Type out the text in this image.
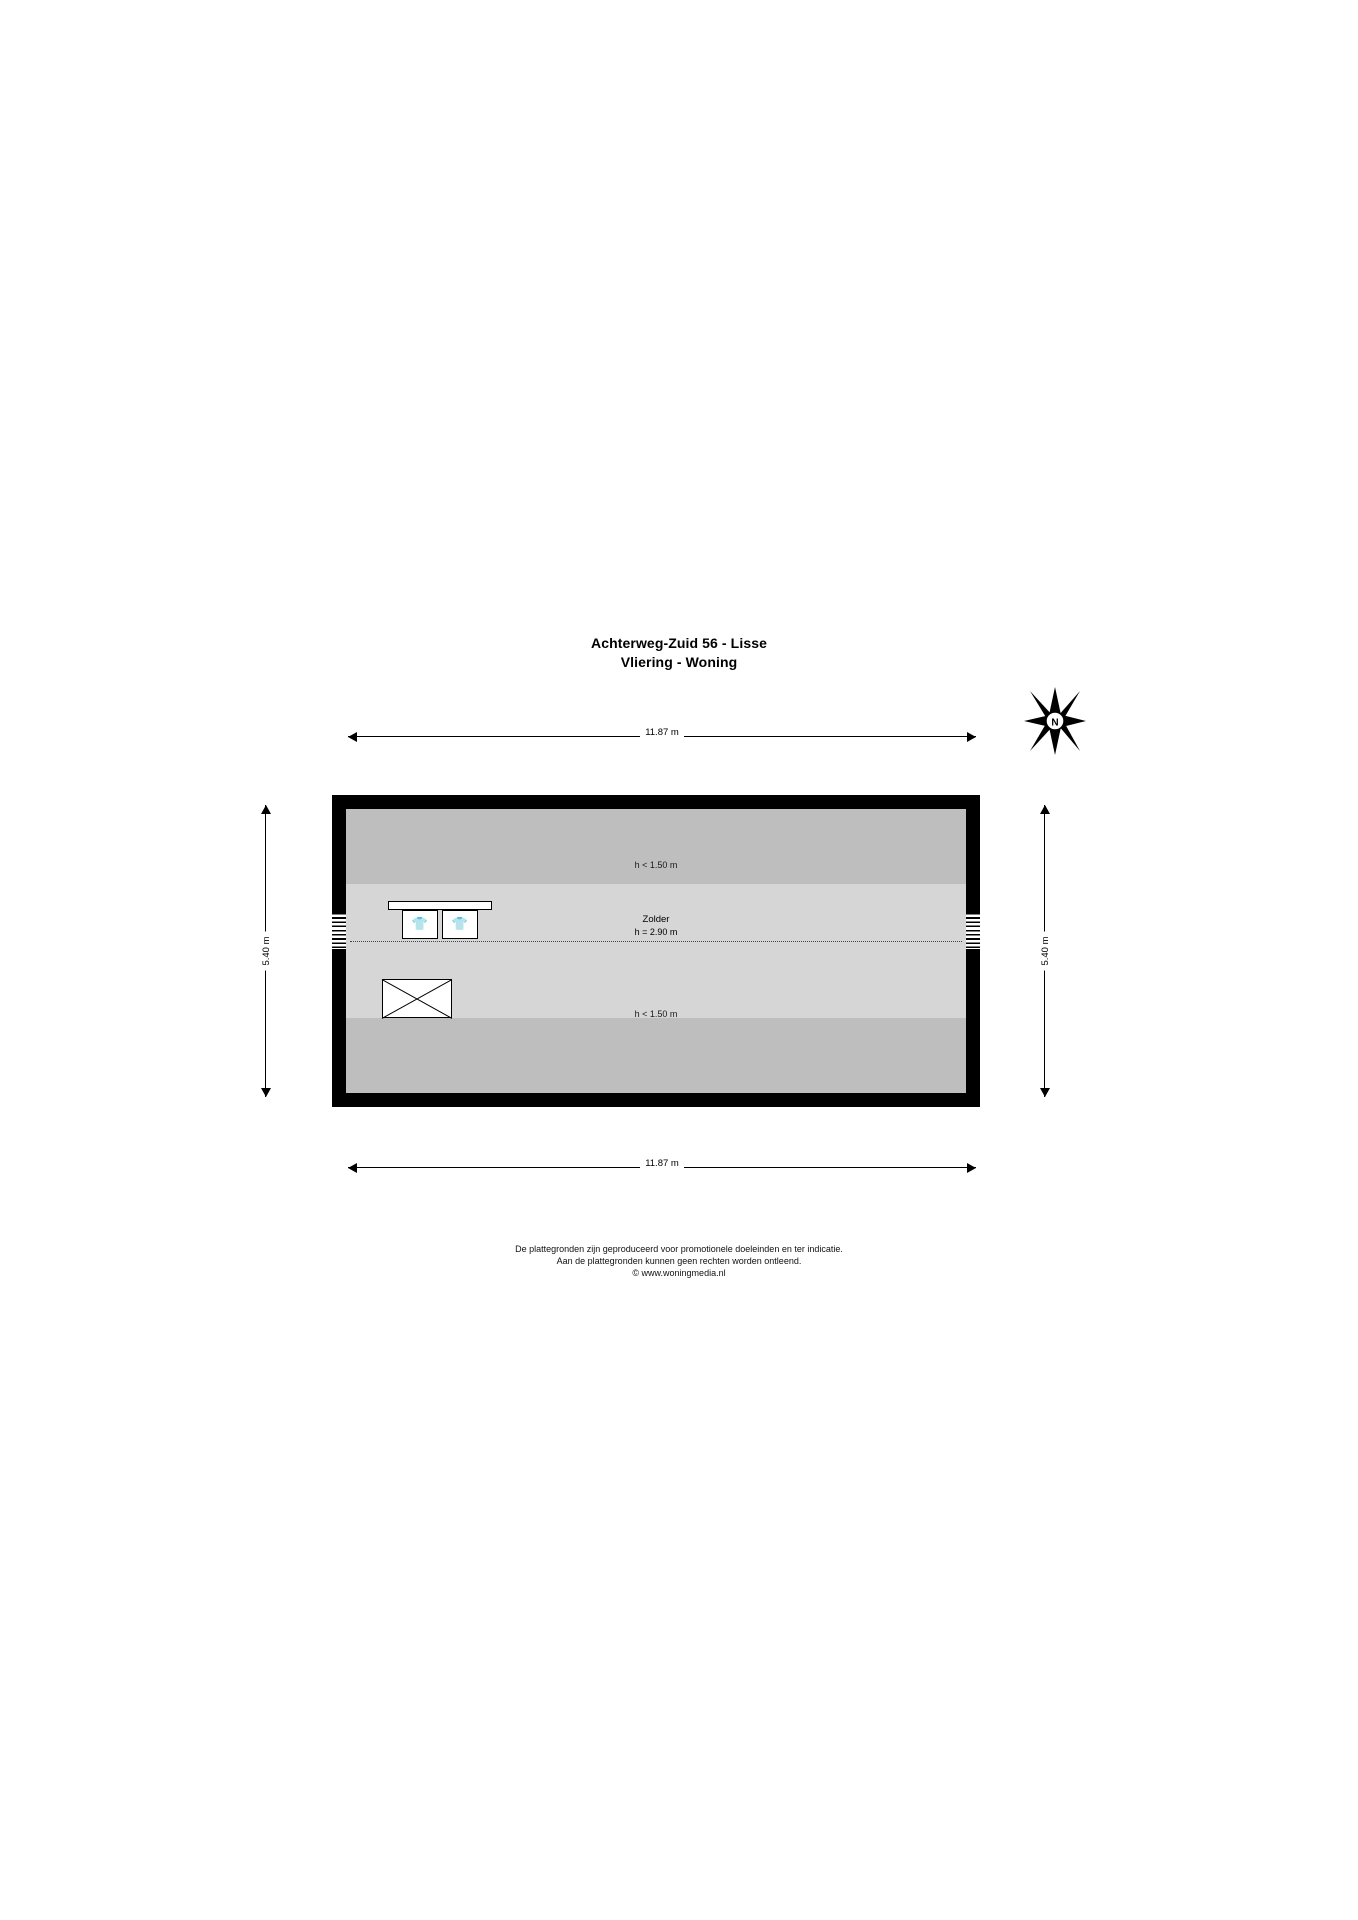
Achterweg-Zuid 56 - Lisse
Vliering - Woning
N
11.87 m
5.40 m	5.40 m
h < 1.50 m
Zolder
h = 2.90 m
h < 1.50 m
👕 👕
11.87 m
De plattegronden zijn geproduceerd voor promotionele doeleinden en ter indicatie.
Aan de plattegronden kunnen geen rechten worden ontleend.
© www.woningmedia.nl
